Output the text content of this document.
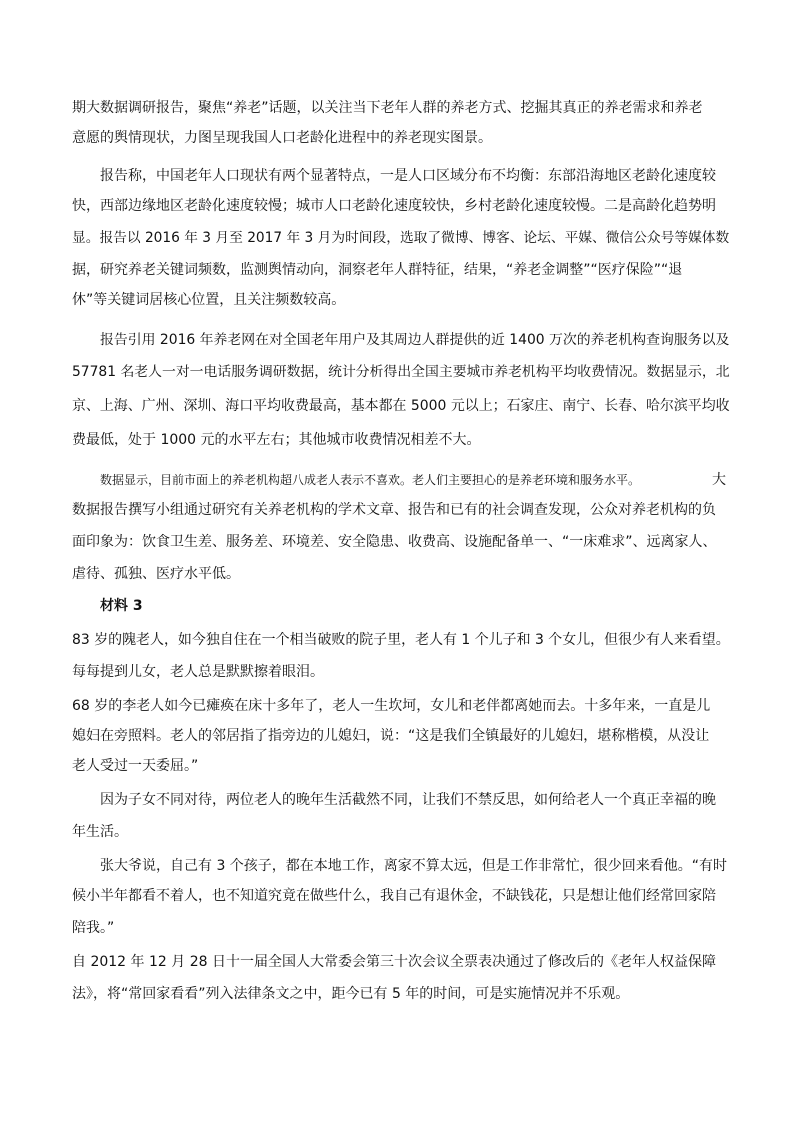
期大数据调研报告，聚焦“养老”话题，以关注当下老年人群的养老方式、挖掘其真正的养老需求和养老
意愿的舆情现状，力图呈现我国人口老龄化进程中的养老现实图景。
报告称，中国老年人口现状有两个显著特点，一是人口区域分布不均衡：东部沿海地区老龄化速度较
快，西部边缘地区老龄化速度较慢；城市人口老龄化速度较快，乡村老龄化速度较慢。二是高龄化趋势明
显。报告以 2016 年 3 月至 2017 年 3 月为时间段，选取了微博、博客、论坛、平媒、微信公众号等媒体数
据，研究养老关键词频数，监测舆情动向，洞察老年人群特征，结果，“养老金调整”“医疗保险”“退
休”等关键词居核心位置，且关注频数较高。
报告引用 2016 年养老网在对全国老年用户及其周边人群提供的近 1400 万次的养老机构查询服务以及
57781 名老人一对一电话服务调研数据，统计分析得出全国主要城市养老机构平均收费情况。数据显示，北
京、上海、广州、深圳、海口平均收费最高，基本都在 5000 元以上；石家庄、南宁、长春、哈尔滨平均收
费最低，处于 1000 元的水平左右；其他城市收费情况相差不大。
数据显示，目前市面上的养老机构超八成老人表示不喜欢。老人们主要担心的是养老环境和服务水平。	大
数据报告撰写小组通过研究有关养老机构的学术文章、报告和已有的社会调查发现，公众对养老机构的负
面印象为：饮食卫生差、服务差、环境差、安全隐患、收费高、设施配备单一、“一床难求”、远离家人、
虐待、孤独、医疗水平低。
材料 3
83 岁的隗老人，如今独自住在一个相当破败的院子里，老人有 1 个儿子和 3 个女儿，但很少有人来看望。
每每提到儿女，老人总是默默擦着眼泪。
68 岁的李老人如今已瘫痪在床十多年了，老人一生坎坷，女儿和老伴都离她而去。十多年来，一直是儿
媳妇在旁照料。老人的邻居指了指旁边的儿媳妇，说：“这是我们全镇最好的儿媳妇，堪称楷模，从没让
老人受过一天委屈。”
因为子女不同对待，两位老人的晚年生活截然不同，让我们不禁反思，如何给老人一个真正幸福的晚
年生活。
张大爷说，自己有 3 个孩子，都在本地工作，离家不算太远，但是工作非常忙，很少回来看他。“有时
候小半年都看不着人，也不知道究竟在做些什么，我自己有退休金，不缺钱花，只是想让他们经常回家陪
陪我。”
自 2012 年 12 月 28 日十一届全国人大常委会第三十次会议全票表决通过了修改后的《老年人权益保障
法》，将“常回家看看”列入法律条文之中，距今已有 5 年的时间，可是实施情况并不乐观。
